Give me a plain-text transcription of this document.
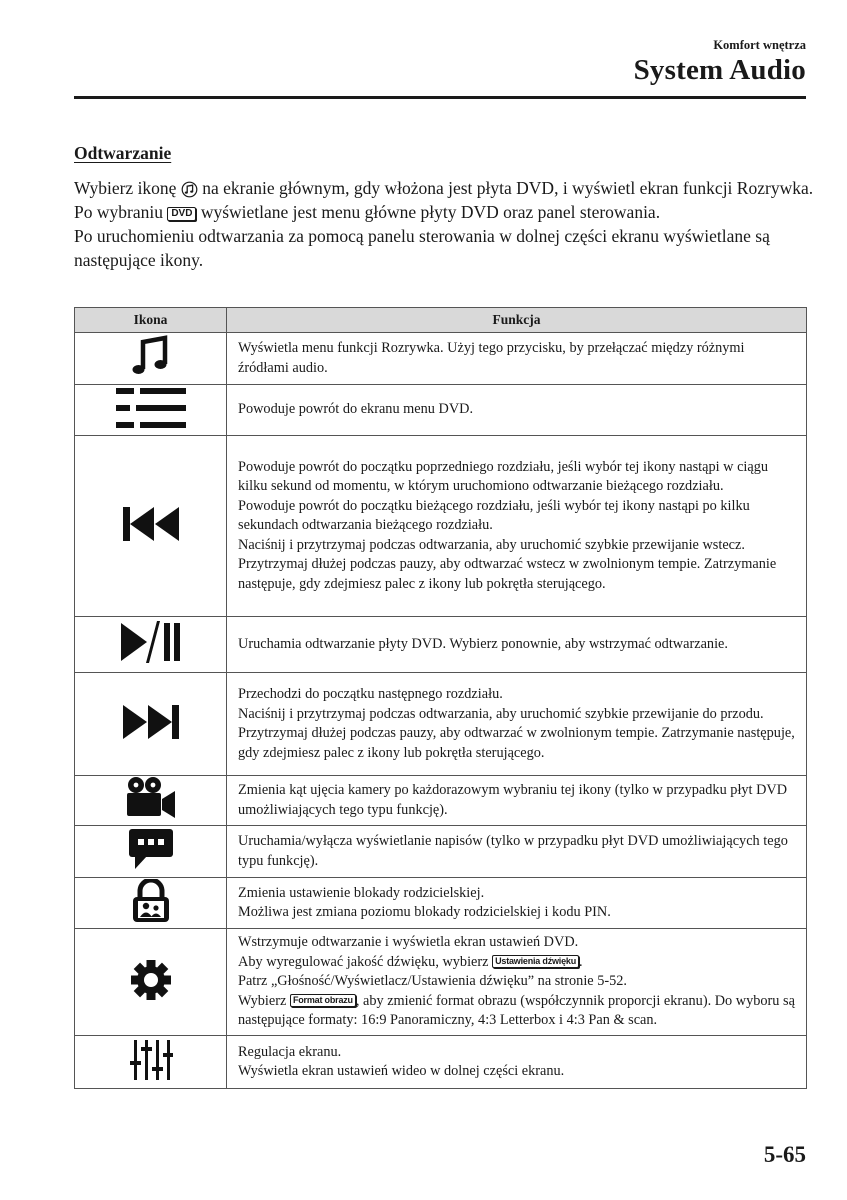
Komfort wnętrza
System Audio
Odtwarzanie

Wybierz ikonę na ekranie głównym, gdy włożona jest płyta DVD, i wyświetl ekran funkcji Rozrywka. Po wybraniu DVD wyświetlane jest menu główne płyty DVD oraz panel sterowania.

Po uruchomieniu odtwarzania za pomocą panelu sterowania w dolnej części ekranu wyświetlane są następujące ikony.

Ikona	Funkcja

Wyświetla menu funkcji Rozrywka. Użyj tego przycisku, by przełączać między różnymi źródłami audio.

Powoduje powrót do ekranu menu DVD.

Powoduje powrót do początku poprzedniego rozdziału, jeśli wybór tej ikony nastąpi w ciągu kilku sekund od momentu, w którym uruchomiono odtwarzanie bieżącego rozdziału.
Powoduje powrót do początku bieżącego rozdziału, jeśli wybór tej ikony nastąpi po kilku sekundach odtwarzania bieżącego rozdziału.
Naciśnij i przytrzymaj podczas odtwarzania, aby uruchomić szybkie przewijanie wstecz.
Przytrzymaj dłużej podczas pauzy, aby odtwarzać wstecz w zwolnionym tempie. Zatrzymanie następuje, gdy zdejmiesz palec z ikony lub pokrętła sterującego.

Uruchamia odtwarzanie płyty DVD. Wybierz ponownie, aby wstrzymać odtwarzanie.

Przechodzi do początku następnego rozdziału.
Naciśnij i przytrzymaj podczas odtwarzania, aby uruchomić szybkie przewijanie do przodu.
Przytrzymaj dłużej podczas pauzy, aby odtwarzać w zwolnionym tempie. Zatrzymanie następuje, gdy zdejmiesz palec z ikony lub pokrętła sterującego.

Zmienia kąt ujęcia kamery po każdorazowym wybraniu tej ikony (tylko w przypadku płyt DVD umożliwiających tego typu funkcję).

Uruchamia/wyłącza wyświetlanie napisów (tylko w przypadku płyt DVD umożliwiających tego typu funkcję).

Zmienia ustawienie blokady rodzicielskiej.
Możliwa jest zmiana poziomu blokady rodzicielskiej i kodu PIN.

Wstrzymuje odtwarzanie i wyświetla ekran ustawień DVD.
Aby wyregulować jakość dźwięku, wybierz Ustawienia dźwięku .
Patrz „Głośność/Wyświetlacz/Ustawienia dźwięku” na stronie 5-52.
Wybierz Format obrazu , aby zmienić format obrazu (współczynnik proporcji ekranu). Do wyboru są następujące formaty: 16:9 Panoramiczny, 4:3 Letterbox i 4:3 Pan & scan.

Regulacja ekranu.
Wyświetla ekran ustawień wideo w dolnej części ekranu.
5-65
